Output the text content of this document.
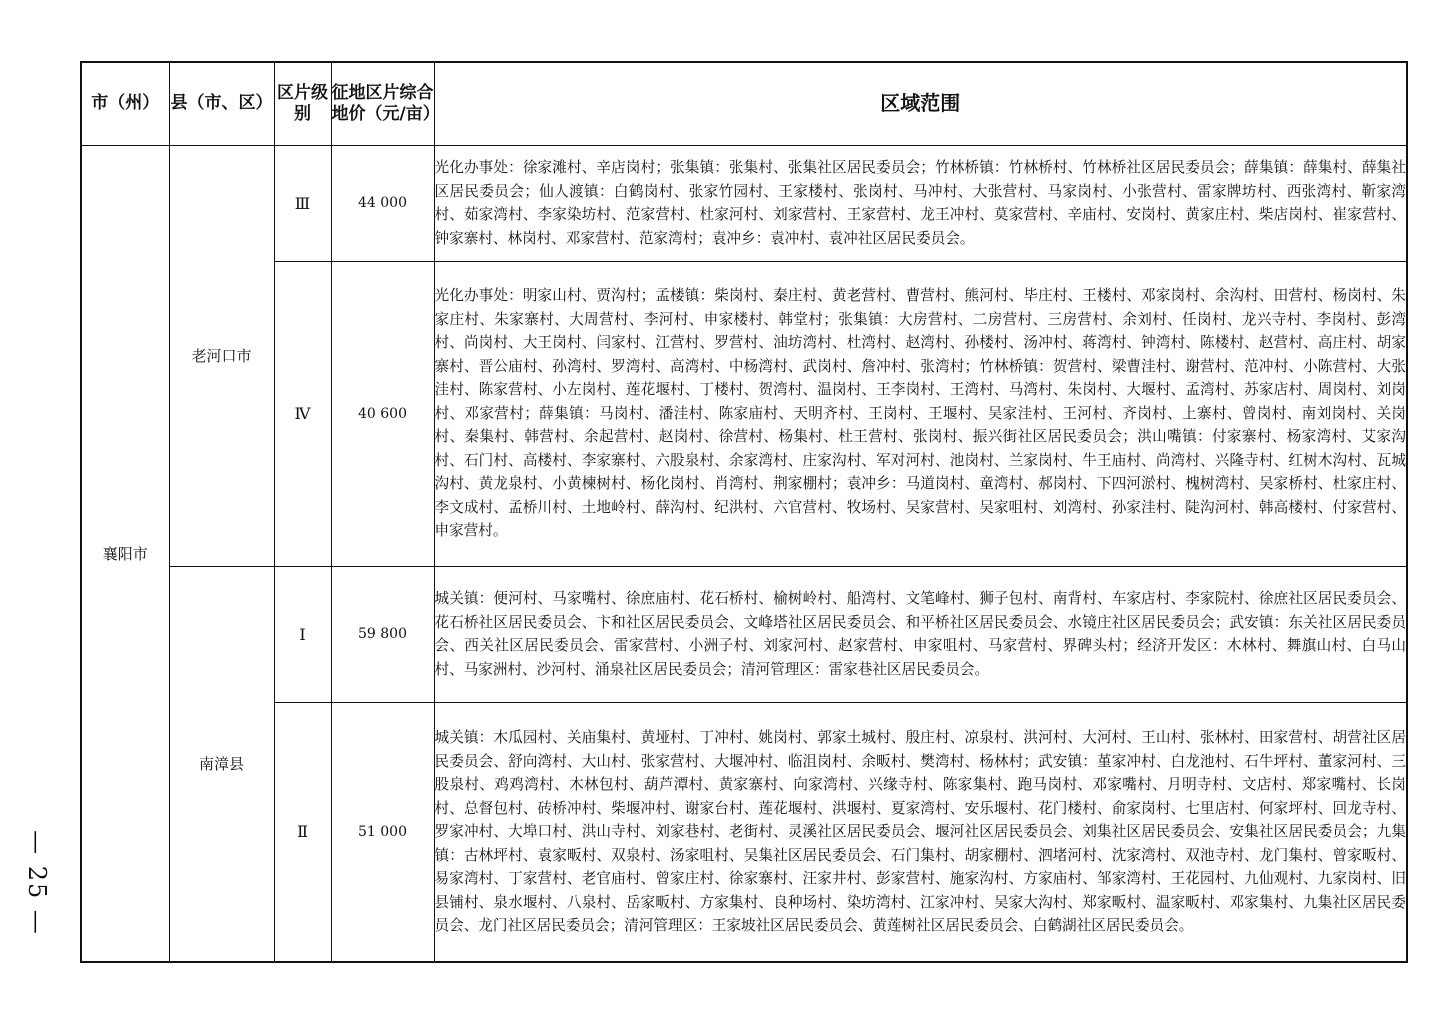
— 25 —
市（州）	县（市、区）	区片级别	征地区片综合地价（元/亩）	区域范围
襄阳市	老河口市	Ⅲ	44 000	光化办事处：徐家滩村、辛店岗村；张集镇：张集村、张集社区居民委员会；竹林桥镇：竹林桥村、竹林桥社区居民委员会；薛集镇：薛集村、薛集社区居民委员会；仙人渡镇：白鹤岗村、张家竹园村、王家楼村、张岗村、马冲村、大张营村、马家岗村、小张营村、雷家牌坊村、西张湾村、靳家湾村、茹家湾村、李家染坊村、范家营村、杜家河村、刘家营村、王家营村、龙王冲村、莫家营村、辛庙村、安岗村、黄家庄村、柴店岗村、崔家营村、钟家寨村、林岗村、邓家营村、范家湾村；袁冲乡：袁冲村、袁冲社区居民委员会。

		Ⅳ	40 600	光化办事处：明家山村、贾沟村；孟楼镇：柴岗村、秦庄村、黄老营村、曹营村、熊河村、毕庄村、王楼村、邓家岗村、余沟村、田营村、杨岗村、朱家庄村、朱家寨村、大周营村、李河村、申家楼村、韩堂村；张集镇：大房营村、二房营村、三房营村、余刘村、任岗村、龙兴寺村、李岗村、彭湾村、尚岗村、大王岗村、闫家村、江营村、罗营村、油坊湾村、杜湾村、赵湾村、孙楼村、汤冲村、蒋湾村、钟湾村、陈楼村、赵营村、高庄村、胡家寨村、晋公庙村、孙湾村、罗湾村、高湾村、中杨湾村、武岗村、詹冲村、张湾村；竹林桥镇：贺营村、梁曹洼村、谢营村、范冲村、小陈营村、大张洼村、陈家营村、小左岗村、莲花堰村、丁楼村、贺湾村、温岗村、王李岗村、王湾村、马湾村、朱岗村、大堰村、孟湾村、苏家店村、周岗村、刘岗村、邓家营村；薛集镇：马岗村、潘洼村、陈家庙村、天明齐村、王岗村、王堰村、吴家洼村、王河村、齐岗村、上寨村、曾岗村、南刘岗村、关岗村、秦集村、韩营村、余起营村、赵岗村、徐营村、杨集村、杜王营村、张岗村、振兴街社区居民委员会；洪山嘴镇：付家寨村、杨家湾村、艾家沟村、石门村、高楼村、李家寨村、六股泉村、余家湾村、庄家沟村、军对河村、池岗村、兰家岗村、牛王庙村、尚湾村、兴隆寺村、红树木沟村、瓦城沟村、黄龙泉村、小黄楝树村、杨化岗村、肖湾村、荆家棚村；袁冲乡：马道岗村、童湾村、郝岗村、下四河淤村、槐树湾村、吴家桥村、杜家庄村、李文成村、孟桥川村、土地岭村、薛沟村、纪洪村、六官营村、牧场村、吴家营村、吴家咀村、刘湾村、孙家洼村、陡沟河村、韩高楼村、付家营村、申家营村。

	南漳县	Ⅰ	59 800	城关镇：便河村、马家嘴村、徐庶庙村、花石桥村、榆树岭村、船湾村、文笔峰村、狮子包村、南背村、车家店村、李家院村、徐庶社区居民委员会、花石桥社区居民委员会、卞和社区居民委员会、文峰塔社区居民委员会、和平桥社区居民委员会、水镜庄社区居民委员会；武安镇：东关社区居民委员会、西关社区居民委员会、雷家营村、小洲子村、刘家河村、赵家营村、申家咀村、马家营村、界碑头村；经济开发区：木林村、舞旗山村、白马山村、马家洲村、沙河村、涌泉社区居民委员会；清河管理区：雷家巷社区居民委员会。

		Ⅱ	51 000	城关镇：木瓜园村、关庙集村、黄垭村、丁冲村、姚岗村、郭家土城村、殷庄村、凉泉村、洪河村、大河村、王山村、张林村、田家营村、胡营社区居民委员会、舒向湾村、大山村、张家营村、大堰冲村、临沮岗村、余畈村、樊湾村、杨林村；武安镇：堇家冲村、白龙池村、石牛坪村、董家河村、三股泉村、鸡鸡湾村、木林包村、葫芦潭村、黄家寨村、向家湾村、兴缘寺村、陈家集村、跑马岗村、邓家嘴村、月明寺村、文店村、郑家嘴村、长岗村、总督包村、砖桥冲村、柴堰冲村、谢家台村、莲花堰村、洪堰村、夏家湾村、安乐堰村、花门楼村、俞家岗村、七里店村、何家坪村、回龙寺村、罗家冲村、大埠口村、洪山寺村、刘家巷村、老街村、灵溪社区居民委员会、堰河社区居民委员会、刘集社区居民委员会、安集社区居民委员会；九集镇：古林坪村、袁家畈村、双泉村、汤家咀村、吴集社区居民委员会、石门集村、胡家棚村、泗堵河村、沈家湾村、双池寺村、龙门集村、曾家畈村、易家湾村、丁家营村、老官庙村、曾家庄村、徐家寨村、汪家井村、彭家营村、施家沟村、方家庙村、邹家湾村、王花园村、九仙观村、九家岗村、旧县铺村、泉水堰村、八泉村、岳家畈村、方家集村、良种场村、染坊湾村、江家冲村、吴家大沟村、郑家畈村、温家畈村、邓家集村、九集社区居民委员会、龙门社区居民委员会；清河管理区：王家坡社区居民委员会、黄莲树社区居民委员会、白鹤湖社区居民委员会。
